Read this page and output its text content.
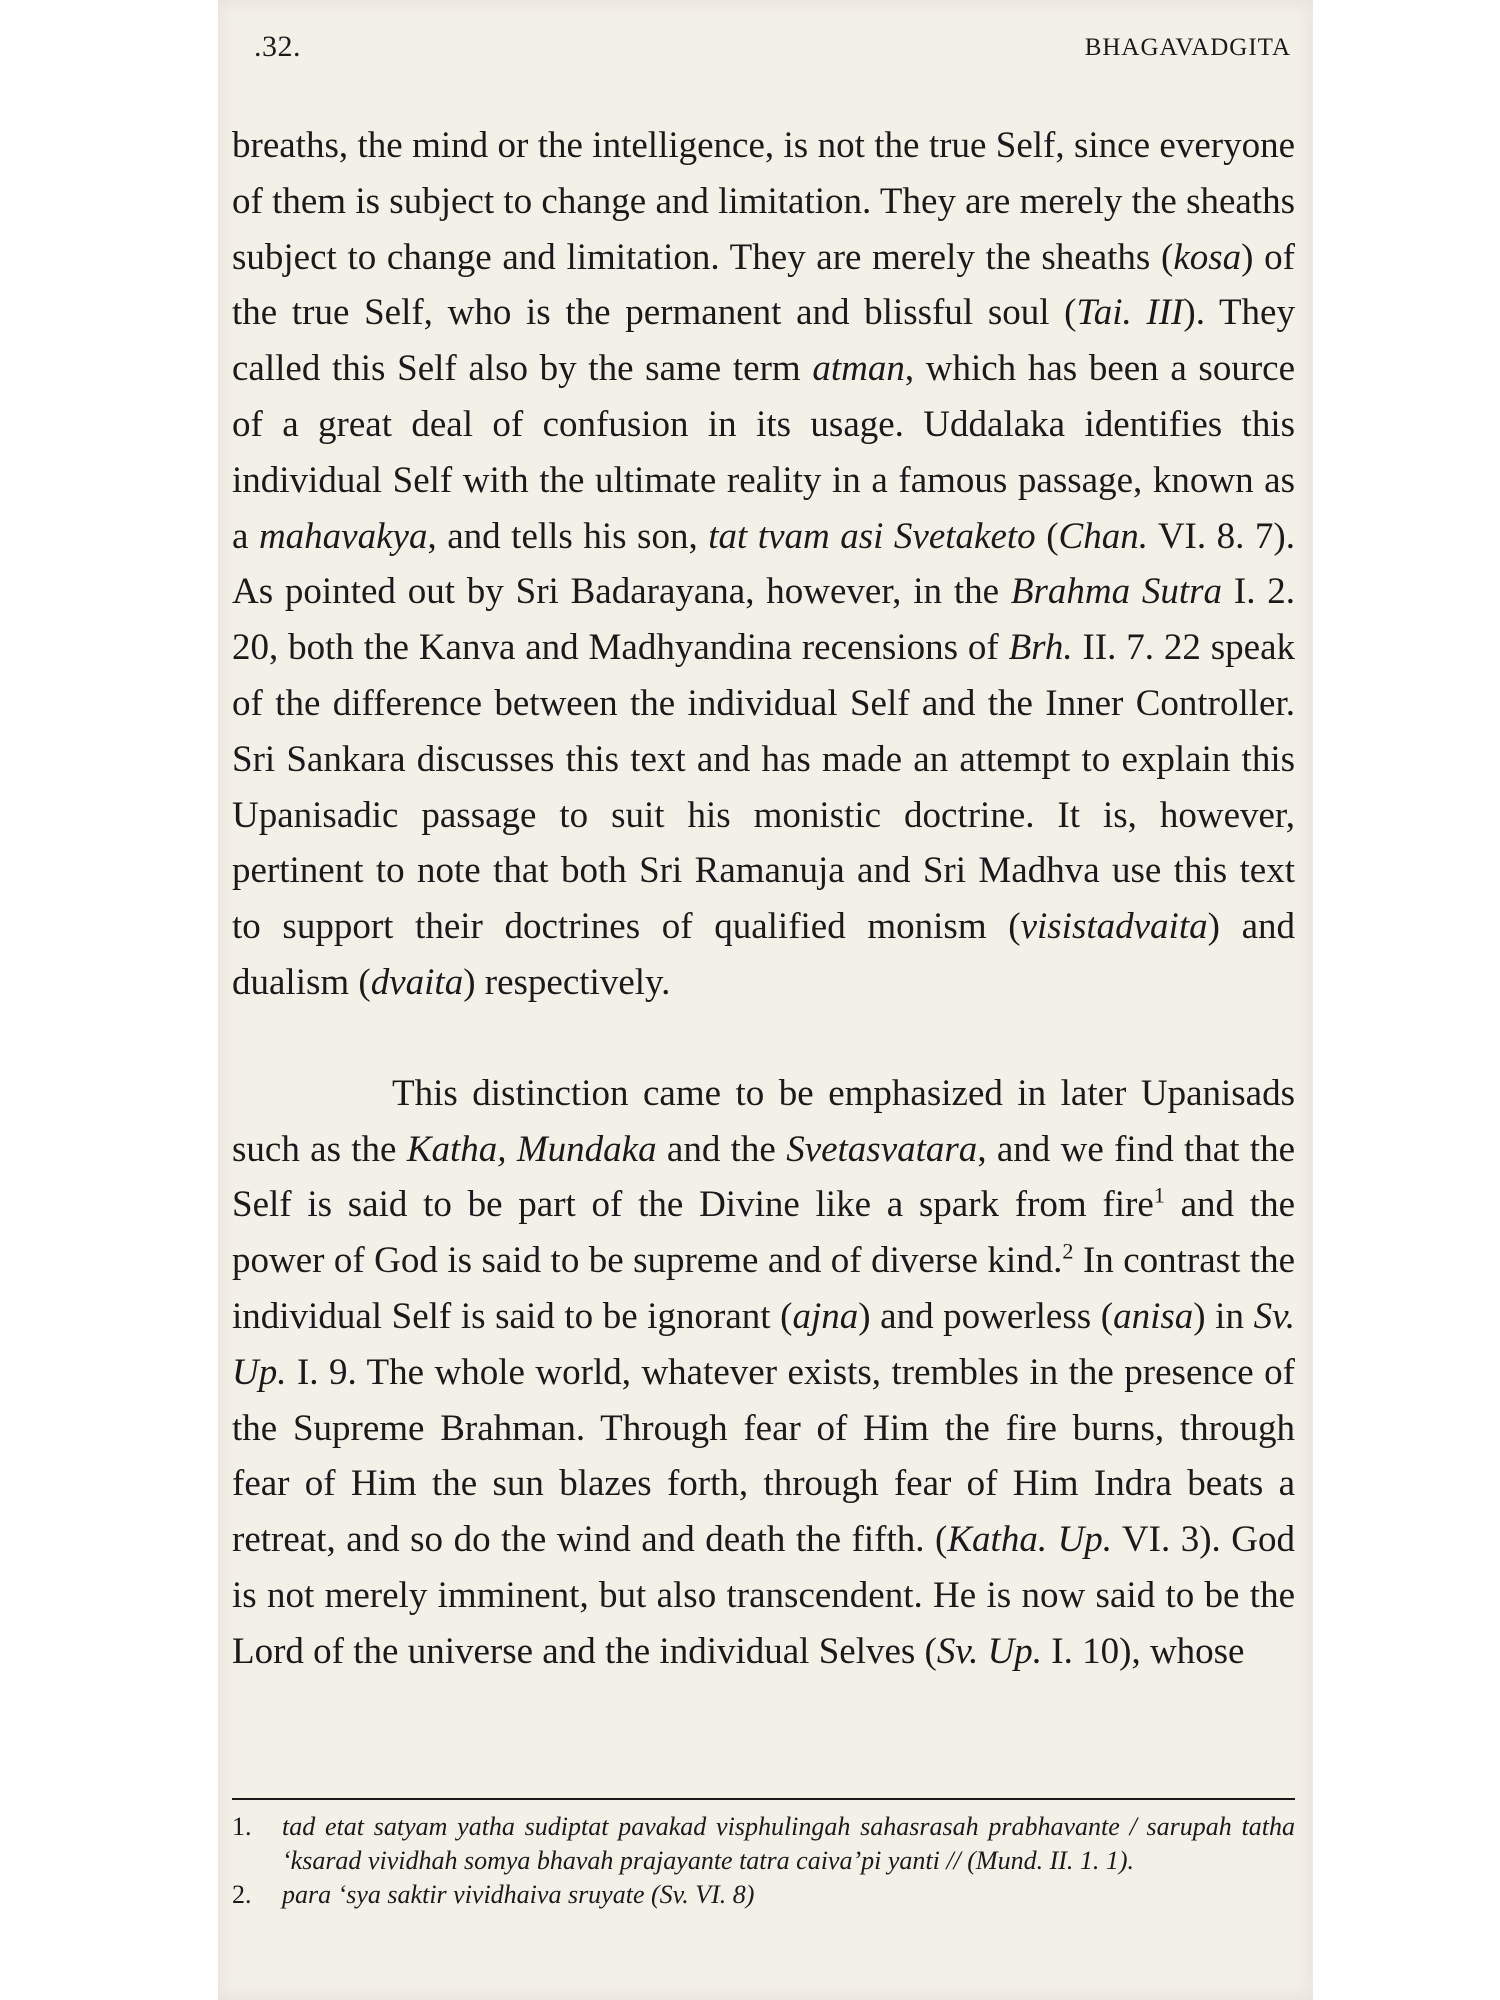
.32.	BHAGAVADGITA

breaths, the mind or the intelligence, is not the true Self, since everyone of them is subject to change and limitation. They are merely the sheaths subject to change and limitation. They are merely the sheaths (kosa) of the true Self, who is the permanent and blissful soul (Tai. III). They called this Self also by the same term atman, which has been a source of a great deal of confusion in its usage. Uddalaka identifies this individual Self with the ultimate reality in a famous passage, known as a mahavakya, and tells his son, tat tvam asi Svetaketo (Chan. VI. 8. 7). As pointed out by Sri Badarayana, however, in the Brahma Sutra I. 2. 20, both the Kanva and Madhyandina recensions of Brh. II. 7. 22 speak of the difference between the individual Self and the Inner Controller. Sri Sankara discusses this text and has made an attempt to explain this Upanisadic passage to suit his monistic doctrine. It is, however, pertinent to note that both Sri Ramanuja and Sri Madhva use this text to support their doctrines of qualified monism (visistadvaita) and dualism (dvaita) respectively.

This distinction came to be emphasized in later Upanisads such as the Katha, Mundaka and the Svetasvatara, and we find that the Self is said to be part of the Divine like a spark from fire$^1$ and the power of God is said to be supreme and of diverse kind.$^2$ In contrast the individual Self is said to be ignorant (ajna) and powerless (anisa) in Sv. Up. I. 9. The whole world, whatever exists, trembles in the presence of the Supreme Brahman. Through fear of Him the fire burns, through fear of Him the sun blazes forth, through fear of Him Indra beats a retreat, and so do the wind and death the fifth. (Katha. Up. VI. 3). God is not merely imminent, but also transcendent. He is now said to be the Lord of the universe and the individual Selves (Sv. Up. I. 10), whose

1. tad etat satyam yatha sudiptat pavakad visphulingah sahasrasah prabhavante / sarupah tatha ‘ksarad vividhah somya bhavah prajayante tatra caiva’pi yanti // (Mund. II. 1. 1).
2. para ‘sya saktir vividhaiva sruyate (Sv. VI. 8)
